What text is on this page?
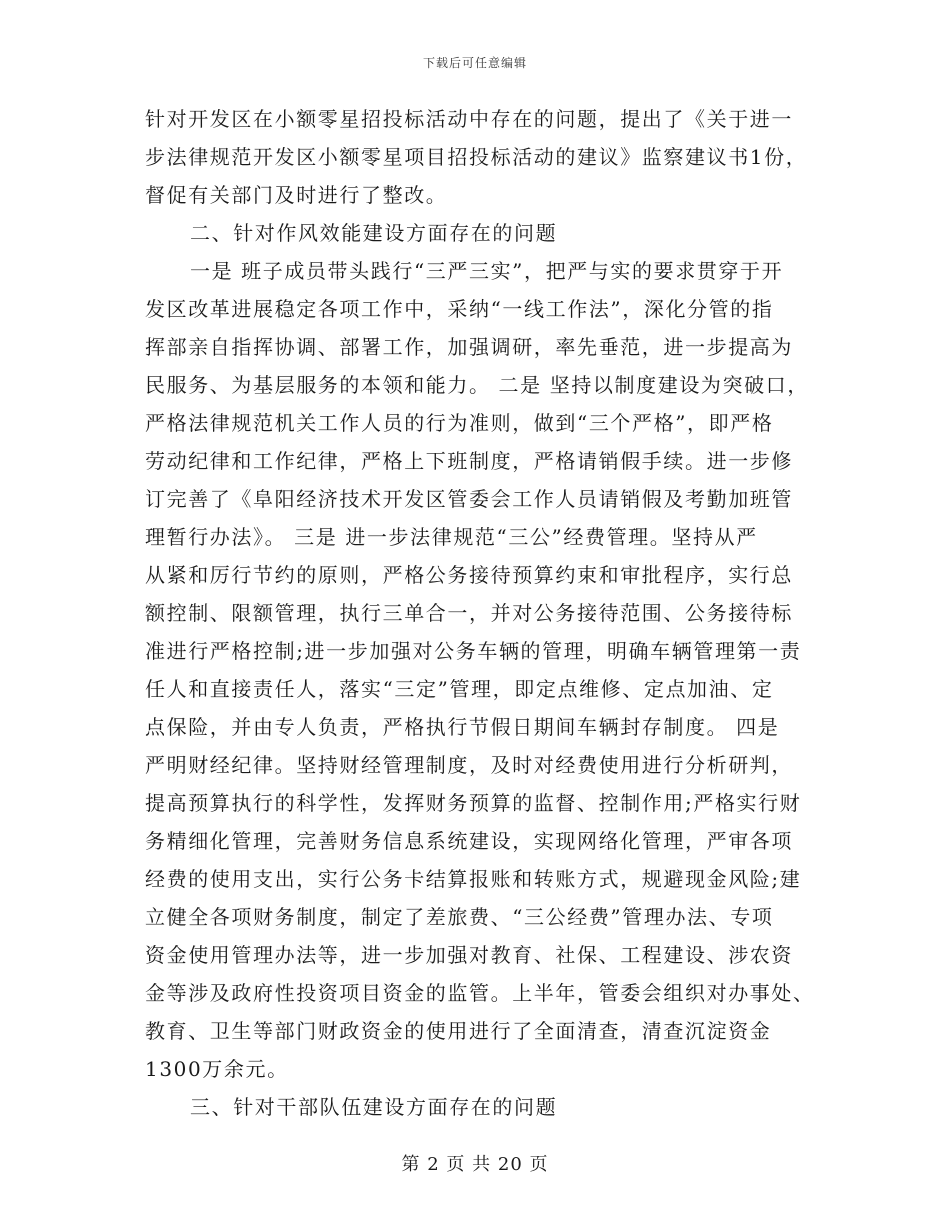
下载后可任意编辑
针对开发区在小额零星招投标活动中存在的问题，提出了《关于进一
步法律规范开发区小额零星项目招投标活动的建议》监察建议书1份，
督促有关部门及时进行了整改。
二、针对作风效能建设方面存在的问题
一是 班子成员带头践行“三严三实”，把严与实的要求贯穿于开
发区改革进展稳定各项工作中，采纳“一线工作法”，深化分管的指
挥部亲自指挥协调、部署工作，加强调研，率先垂范，进一步提高为
民服务、为基层服务的本领和能力。 二是 坚持以制度建设为突破口，
严格法律规范机关工作人员的行为准则，做到“三个严格”，即严格
劳动纪律和工作纪律，严格上下班制度，严格请销假手续。进一步修
订完善了《阜阳经济技术开发区管委会工作人员请销假及考勤加班管
理暂行办法》。 三是 进一步法律规范“三公”经费管理。坚持从严
从紧和厉行节约的原则，严格公务接待预算约束和审批程序，实行总
额控制、限额管理，执行三单合一，并对公务接待范围、公务接待标
准进行严格控制;进一步加强对公务车辆的管理，明确车辆管理第一责
任人和直接责任人，落实“三定”管理，即定点维修、定点加油、定
点保险，并由专人负责，严格执行节假日期间车辆封存制度。 四是
严明财经纪律。坚持财经管理制度，及时对经费使用进行分析研判，
提高预算执行的科学性，发挥财务预算的监督、控制作用;严格实行财
务精细化管理，完善财务信息系统建设，实现网络化管理，严审各项
经费的使用支出，实行公务卡结算报账和转账方式，规避现金风险;建
立健全各项财务制度，制定了差旅费、“三公经费”管理办法、专项
资金使用管理办法等，进一步加强对教育、社保、工程建设、涉农资
金等涉及政府性投资项目资金的监管。上半年，管委会组织对办事处、
教育、卫生等部门财政资金的使用进行了全面清查，清查沉淀资金
1300万余元。
三、针对干部队伍建设方面存在的问题
第 2 页 共 20 页
